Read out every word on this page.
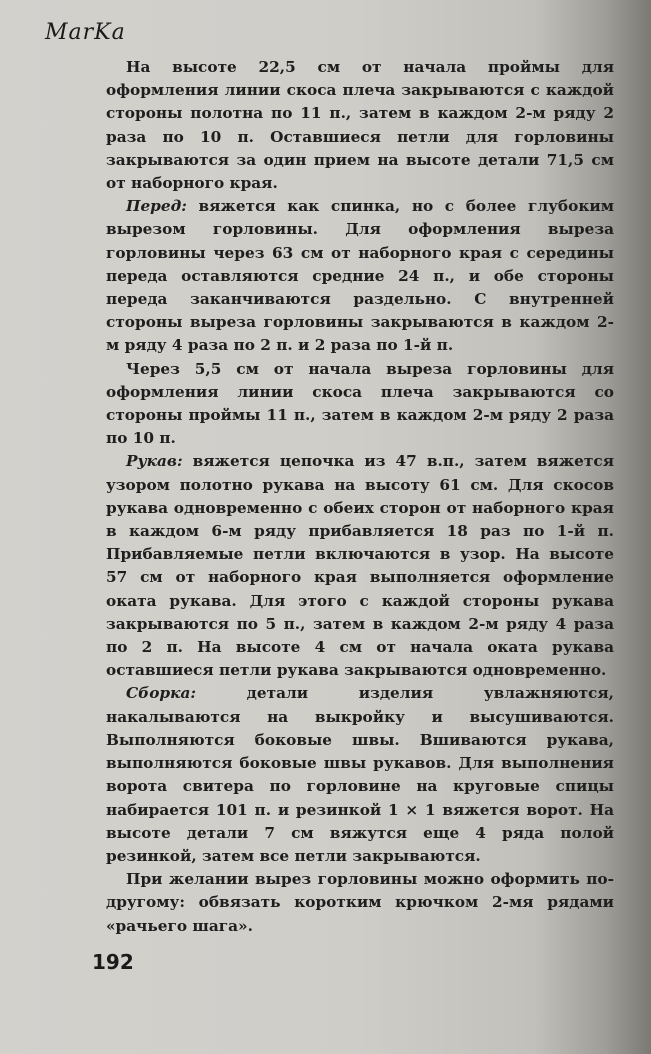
MarKa

На высоте 22,5 см от начала проймы для оформления линии скоса плеча закрываются с каждой стороны полотна по 11 п., затем в каждом 2-м ряду 2 раза по 10 п. Оставшиеся петли для горловины закрываются за один прием на высоте детали 71,5 см от наборного края.

Перед: вяжется как спинка, но с более глубоким вырезом горловины. Для оформления выреза горловины через 63 см от наборного края с середины переда оставляются средние 24 п., и обе стороны переда заканчиваются раздельно. С внутренней стороны выреза горловины закрываются в каждом 2-м ряду 4 раза по 2 п. и 2 раза по 1-й п.

Через 5,5 см от начала выреза горловины для оформления линии скоса плеча закрываются со стороны проймы 11 п., затем в каждом 2-м ряду 2 раза по 10 п.

Рукав: вяжется цепочка из 47 в.п., затем вяжется узором полотно рукава на высоту 61 см. Для скосов рукава одновременно с обеих сторон от наборного края в каждом 6-м ряду прибавляется 18 раз по 1-й п. Прибавляемые петли включаются в узор. На высоте 57 см от наборного края выполняется оформление оката рукава. Для этого с каждой стороны рукава закрываются по 5 п., затем в каждом 2-м ряду 4 раза по 2 п. На высоте 4 см от начала оката рукава оставшиеся петли рукава закрываются одновременно.

Сборка: детали изделия увлажняются, накалываются на выкройку и высушиваются. Выполняются боковые швы. Вшиваются рукава, выполняются боковые швы рукавов. Для выполнения ворота свитера по горловине на круговые спицы набирается 101 п. и резинкой 1 × 1 вяжется ворот. На высоте детали 7 см вяжутся еще 4 ряда полой резинкой, затем все петли закрываются.

При желании вырез горловины можно оформить по-другому: обвязать коротким крючком 2-мя рядами «рачьего шага».

192
